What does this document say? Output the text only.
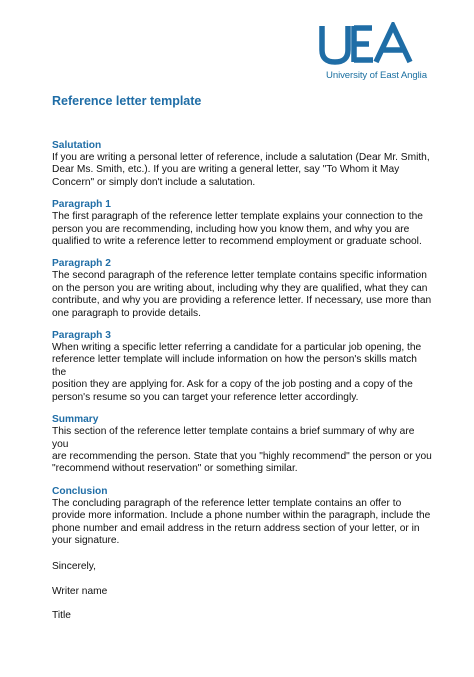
University of East Anglia
Reference letter template
Salutation

If you are writing a personal letter of reference, include a salutation (Dear Mr. Smith,
Dear Ms. Smith, etc.). If you are writing a general letter, say "To Whom it May
Concern" or simply don't include a salutation.

Paragraph 1

The first paragraph of the reference letter template explains your connection to the
person you are recommending, including how you know them, and why you are
qualified to write a reference letter to recommend employment or graduate school.

Paragraph 2

The second paragraph of the reference letter template contains specific information
on the person you are writing about, including why they are qualified, what they can
contribute, and why you are providing a reference letter. If necessary, use more than
one paragraph to provide details.

Paragraph 3

When writing a specific letter referring a candidate for a particular job opening, the
reference letter template will include information on how the person's skills match the
position they are applying for. Ask for a copy of the job posting and a copy of the
person's resume so you can target your reference letter accordingly.

Summary

This section of the reference letter template contains a brief summary of why are you
are recommending the person. State that you "highly recommend" the person or you
"recommend without reservation" or something similar.

Conclusion

The concluding paragraph of the reference letter template contains an offer to
provide more information. Include a phone number within the paragraph, include the
phone number and email address in the return address section of your letter, or in
your signature.

Sincerely,

Writer name

Title
